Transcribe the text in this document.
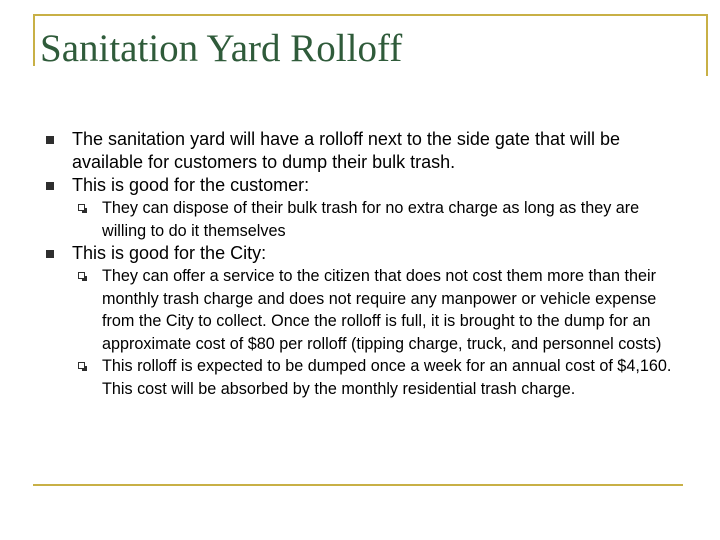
Sanitation Yard Rolloff
The sanitation yard will have a rolloff next to the side gate that will be available for customers to dump their bulk trash.
This is good for the customer:
They can dispose of their bulk trash for no extra charge as long as they are willing to do it themselves
This is good for the City:
They can offer a service to the citizen that does not cost them more than their monthly trash charge and does not require any manpower or vehicle expense from the City to collect. Once the rolloff is full, it is brought to the dump for an approximate cost of $80 per rolloff (tipping charge, truck, and personnel costs)
This rolloff is expected to be dumped once a week for an annual cost of $4,160. This cost will be absorbed by the monthly residential trash charge.
